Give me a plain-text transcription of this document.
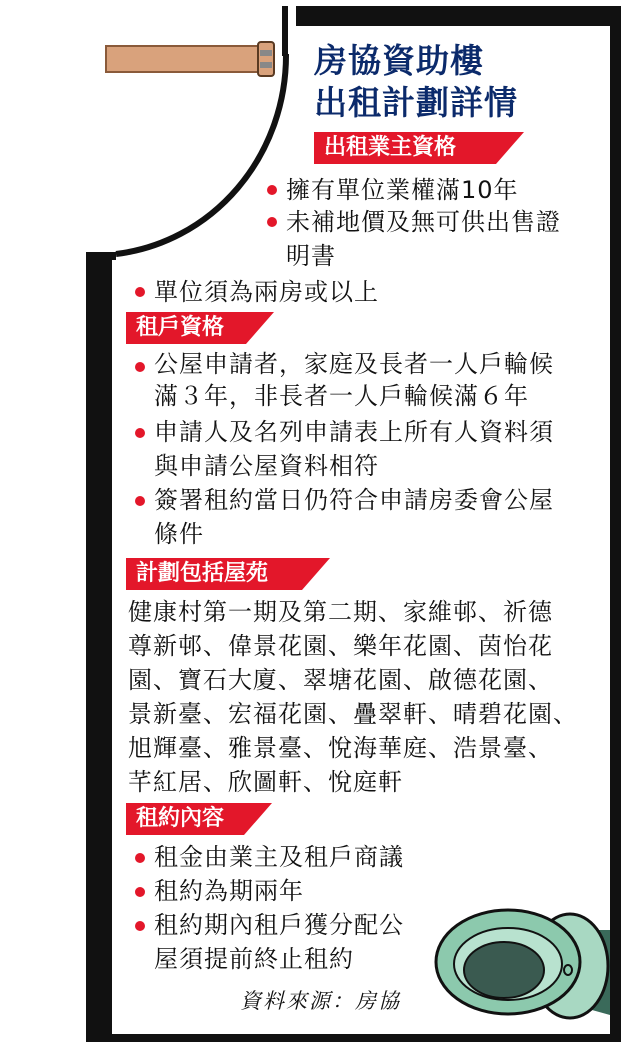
房協資助樓
出租計劃詳情
出租業主資格
擁有單位業權滿10年
未補地價及無可供出售證
明書
單位須為兩房或以上
租戶資格
公屋申請者，家庭及長者一人戶輪候
滿３年，非長者一人戶輪候滿６年
申請人及名列申請表上所有人資料須
與申請公屋資料相符
簽署租約當日仍符合申請房委會公屋
條件
計劃包括屋苑
健康村第一期及第二期、家維邨、祈德
尊新邨、偉景花園、樂年花園、茵怡花
園、寶石大廈、翠塘花園、啟德花園、
景新臺、宏福花園、疊翠軒、晴碧花園、
旭輝臺、雅景臺、悅海華庭、浩景臺、
芊紅居、欣圖軒、悅庭軒
租約內容
租金由業主及租戶商議
租約為期兩年
租約期內租戶獲分配公
屋須提前終止租約
資料來源：房協
